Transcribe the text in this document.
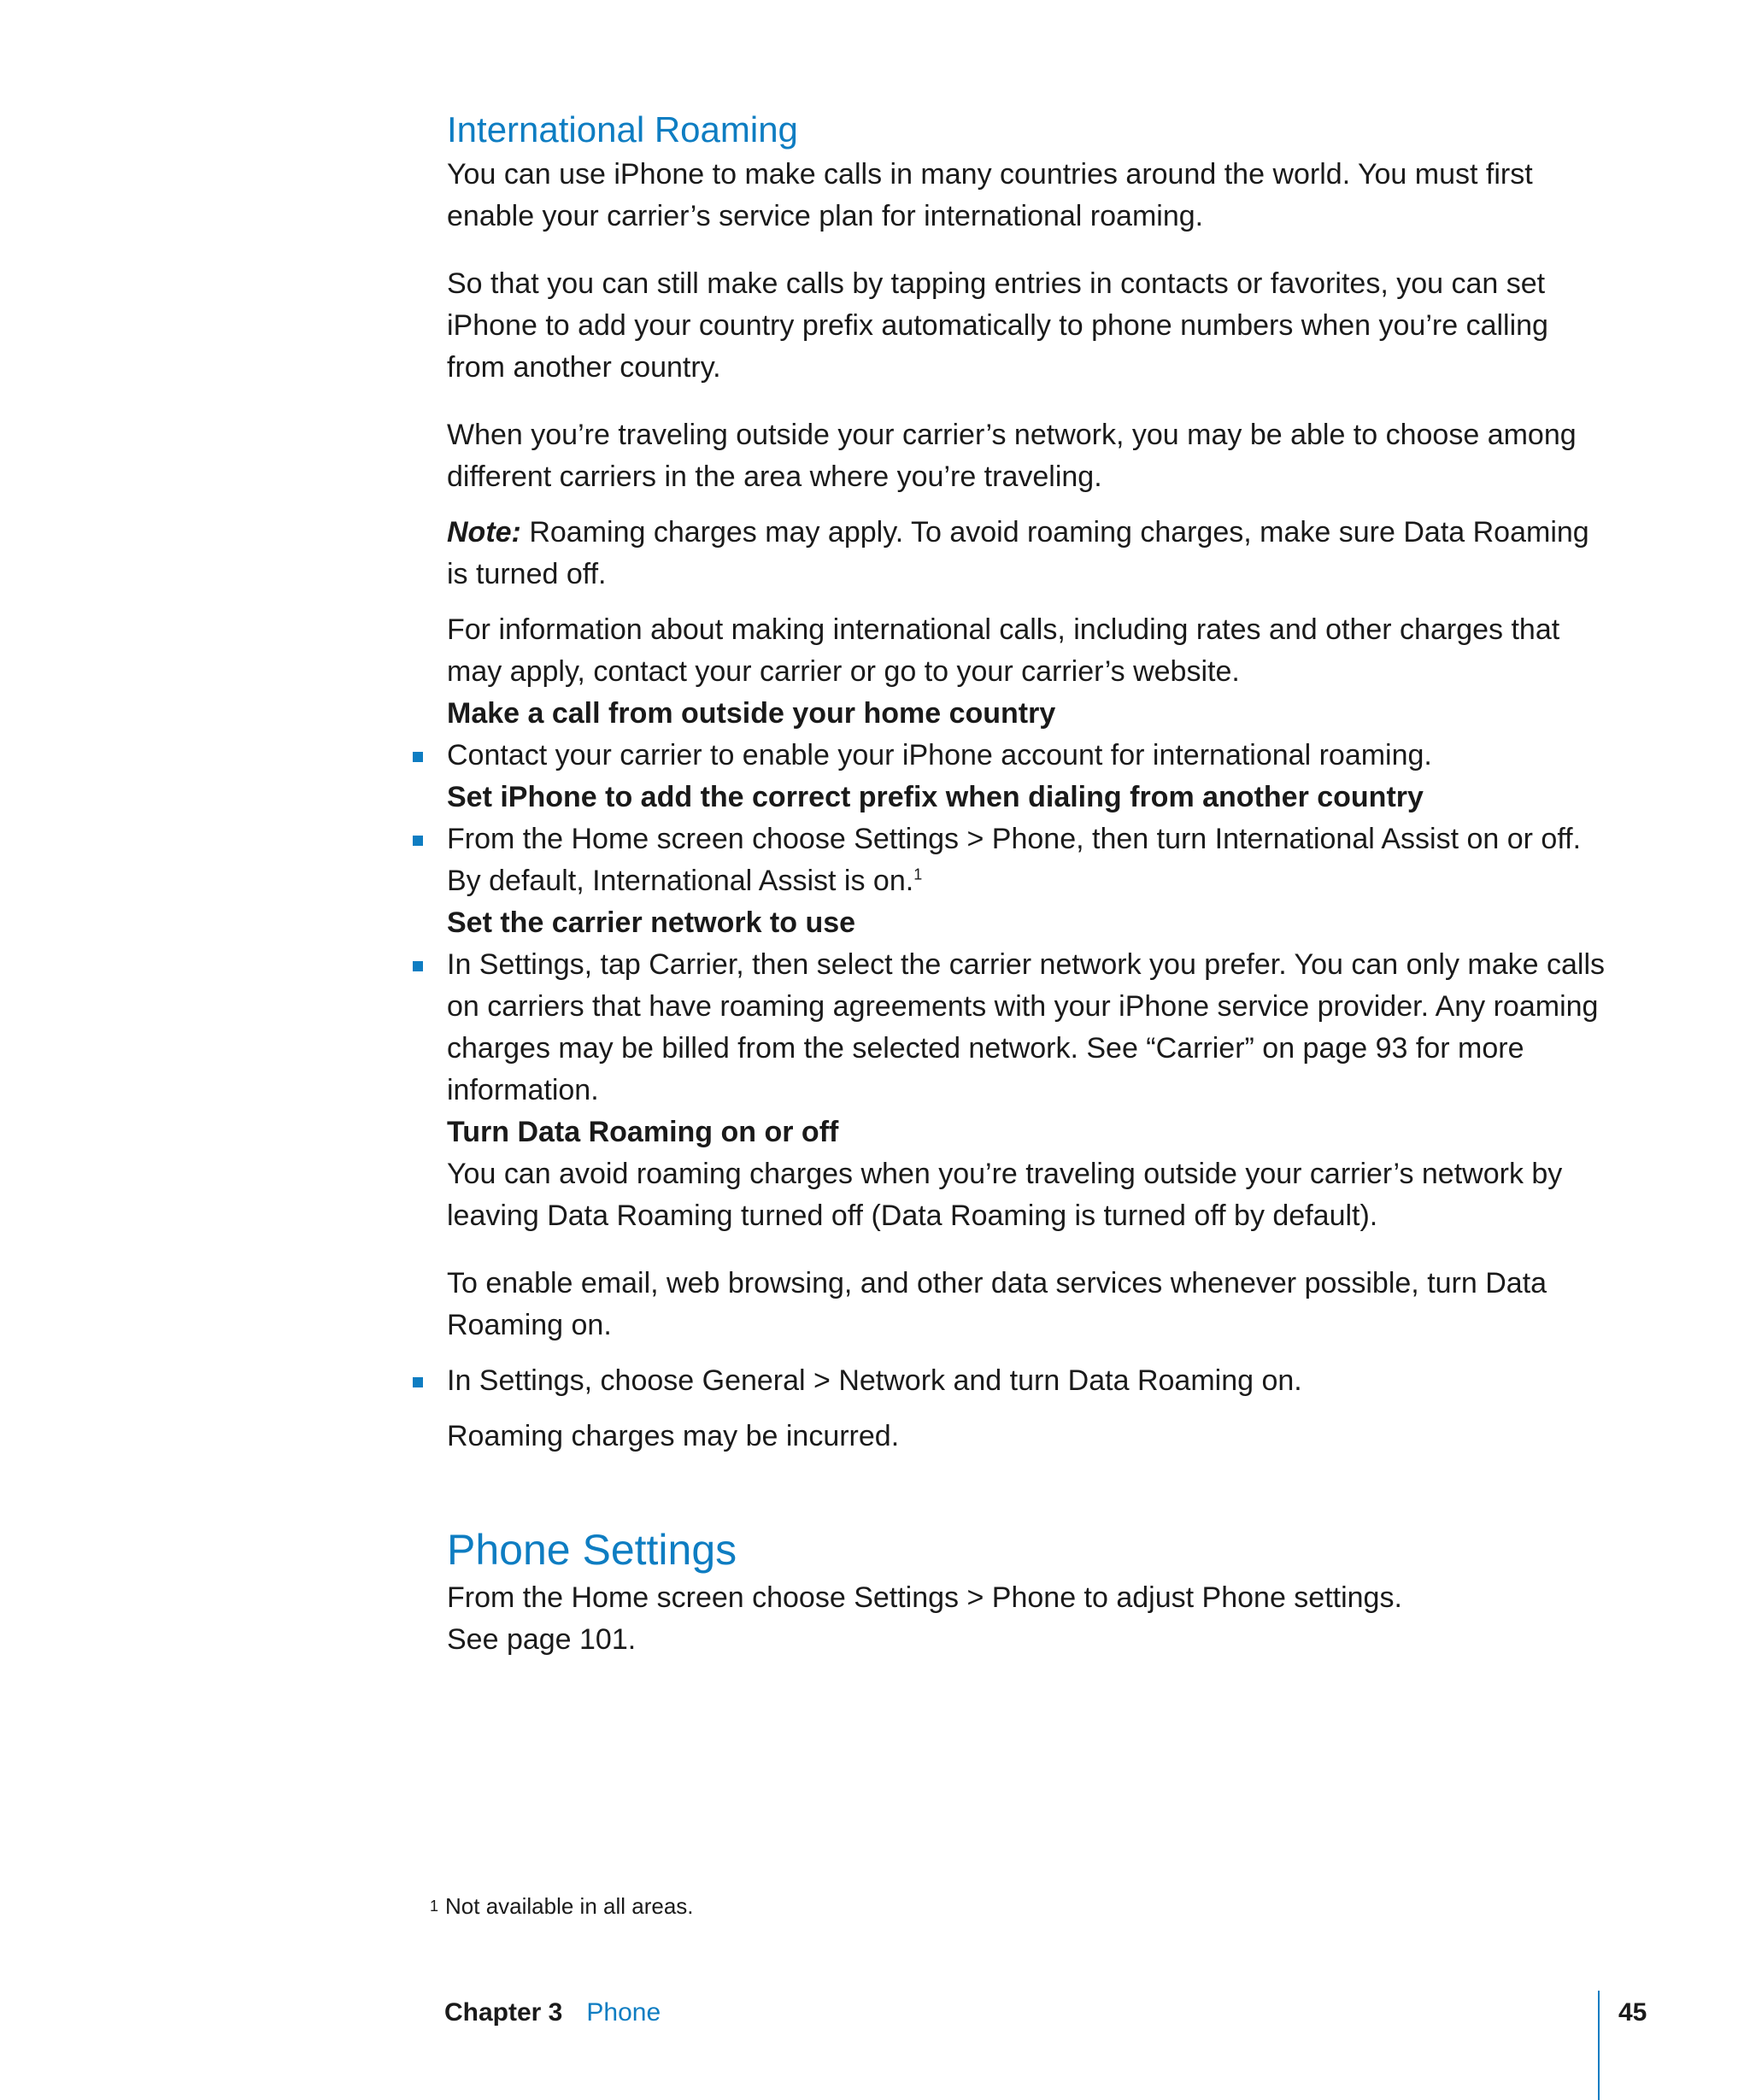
International Roaming

You can use iPhone to make calls in many countries around the world. You must first enable your carrier’s service plan for international roaming.

So that you can still make calls by tapping entries in contacts or favorites, you can set iPhone to add your country prefix automatically to phone numbers when you’re calling from another country.

When you’re traveling outside your carrier’s network, you may be able to choose among different carriers in the area where you’re traveling.

Note: Roaming charges may apply. To avoid roaming charges, make sure Data Roaming is turned off.

For information about making international calls, including rates and other charges that may apply, contact your carrier or go to your carrier’s website.

Make a call from outside your home country

Contact your carrier to enable your iPhone account for international roaming.

Set iPhone to add the correct prefix when dialing from another country

From the Home screen choose Settings > Phone, then turn International Assist on or off. By default, International Assist is on.$^1$

Set the carrier network to use

In Settings, tap Carrier, then select the carrier network you prefer. You can only make calls on carriers that have roaming agreements with your iPhone service provider. Any roaming charges may be billed from the selected network. See “Carrier” on page 93 for more information.

Turn Data Roaming on or off

You can avoid roaming charges when you’re traveling outside your carrier’s network by leaving Data Roaming turned off (Data Roaming is turned off by default).

To enable email, web browsing, and other data services whenever possible, turn Data Roaming on.

In Settings, choose General > Network and turn Data Roaming on.

Roaming charges may be incurred.

Phone Settings

From the Home screen choose Settings > Phone to adjust Phone settings.

See page 101.

$^1$ Not available in all areas.
Chapter 3 Phone	45
